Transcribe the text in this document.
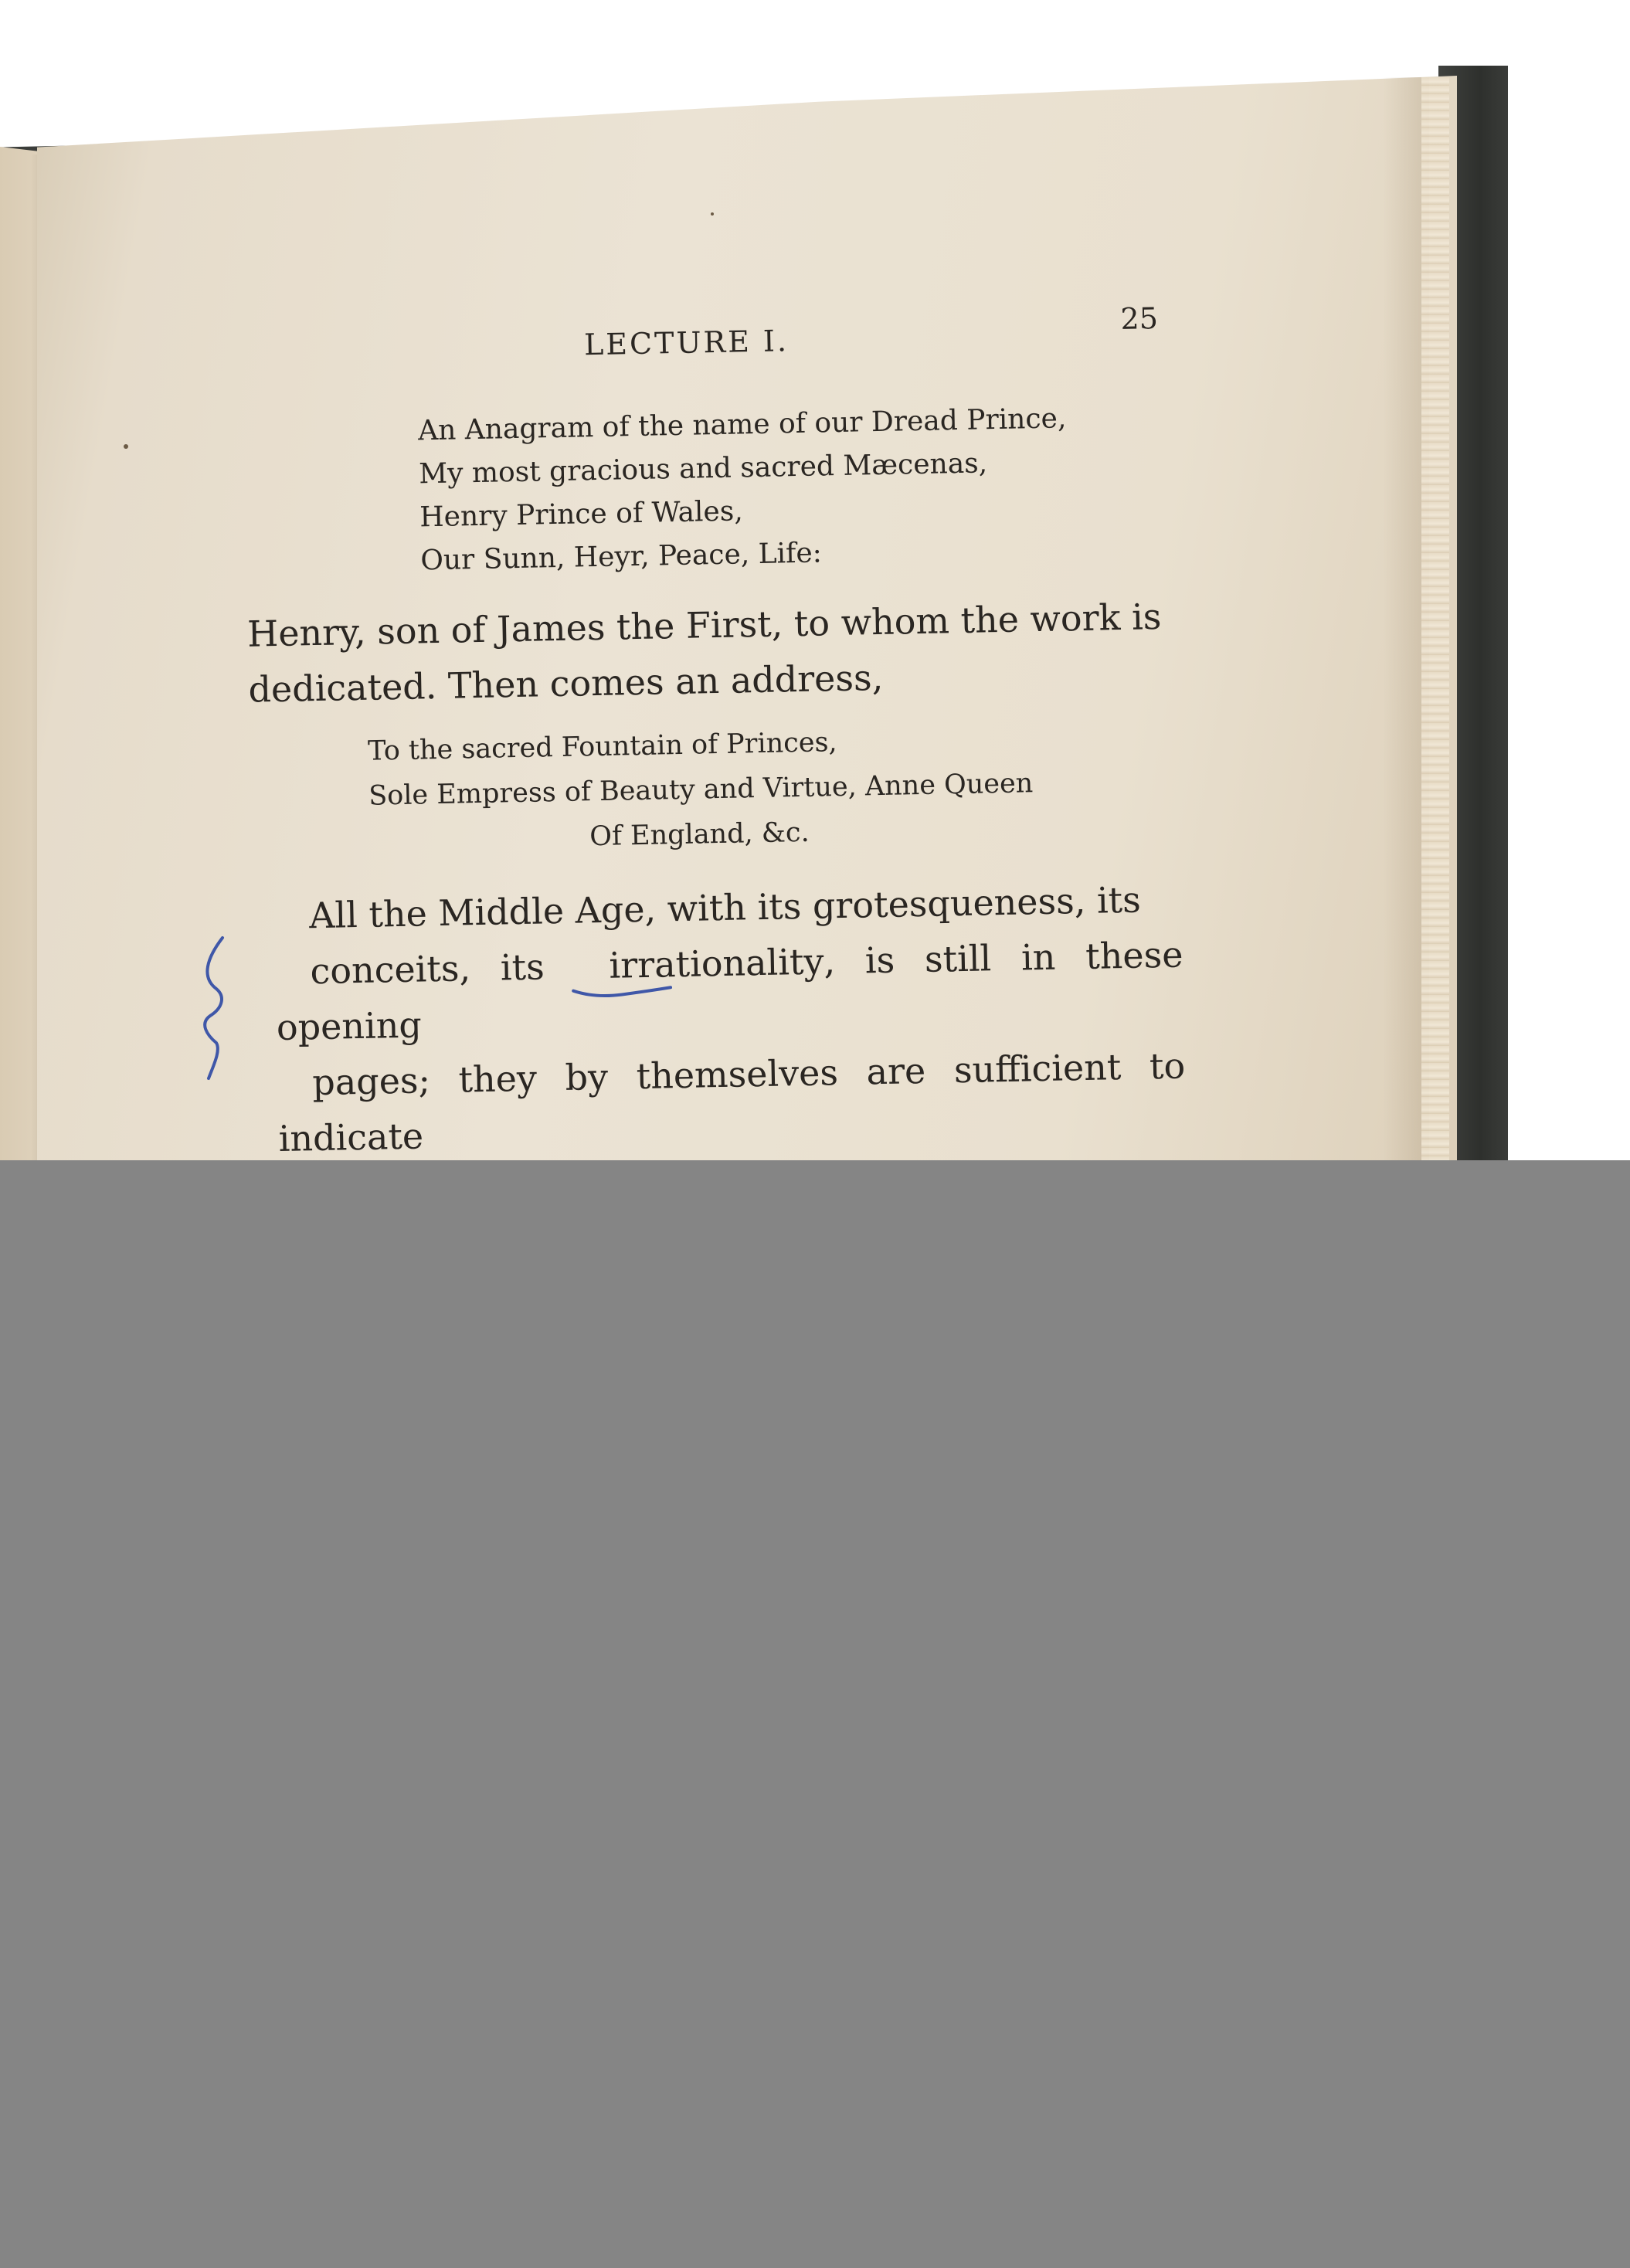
LECTURE I.
25
An Anagram of the name of our Dread Prince,
My most gracious and sacred Mæcenas,
Henry Prince of Wales,
Our Sunn, Heyr, Peace, Life:
Henry, son of James the First, to whom the work is
dedicated. Then comes an address,
To the sacred Fountain of Princes,
Sole Empress of Beauty and Virtue, Anne Queen
Of England, &c.
All the Middle Age, with its grotesqueness, its
conceits, its irrationality
, is still in these opening
pages; they by themselves are sufficient to indicate
